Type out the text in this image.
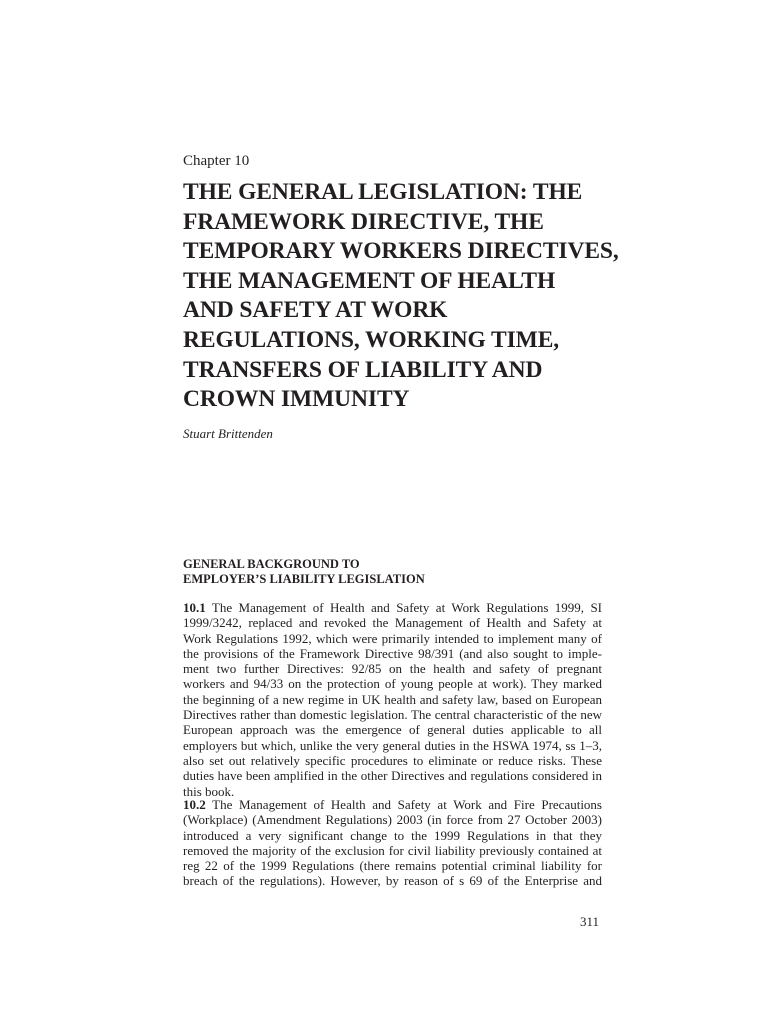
Chapter 10
THE GENERAL LEGISLATION: THE
FRAMEWORK DIRECTIVE, THE
TEMPORARY WORKERS DIRECTIVES,
THE MANAGEMENT OF HEALTH
AND SAFETY AT WORK
REGULATIONS, WORKING TIME,
TRANSFERS OF LIABILITY AND
CROWN IMMUNITY
Stuart Brittenden
GENERAL BACKGROUND TO
EMPLOYER’S LIABILITY LEGISLATION
10.1 The Management of Health and Safety at Work Regulations 1999, SI
1999/3242, replaced and revoked the Management of Health and Safety at
Work Regulations 1992, which were primarily intended to implement many of
the provisions of the Framework Directive 98/391 (and also sought to imple-
ment two further Directives: 92/85 on the health and safety of pregnant
workers and 94/33 on the protection of young people at work). They marked
the beginning of a new regime in UK health and safety law, based on European
Directives rather than domestic legislation. The central characteristic of the new
European approach was the emergence of general duties applicable to all
employers but which, unlike the very general duties in the HSWA 1974, ss 1–3,
also set out relatively specific procedures to eliminate or reduce risks. These
duties have been amplified in the other Directives and regulations considered in
this book.
10.2 The Management of Health and Safety at Work and Fire Precautions
(Workplace) (Amendment Regulations) 2003 (in force from 27 October 2003)
introduced a very significant change to the 1999 Regulations in that they
removed the majority of the exclusion for civil liability previously contained at
reg 22 of the 1999 Regulations (there remains potential criminal liability for
breach of the regulations). However, by reason of s 69 of the Enterprise and
311
